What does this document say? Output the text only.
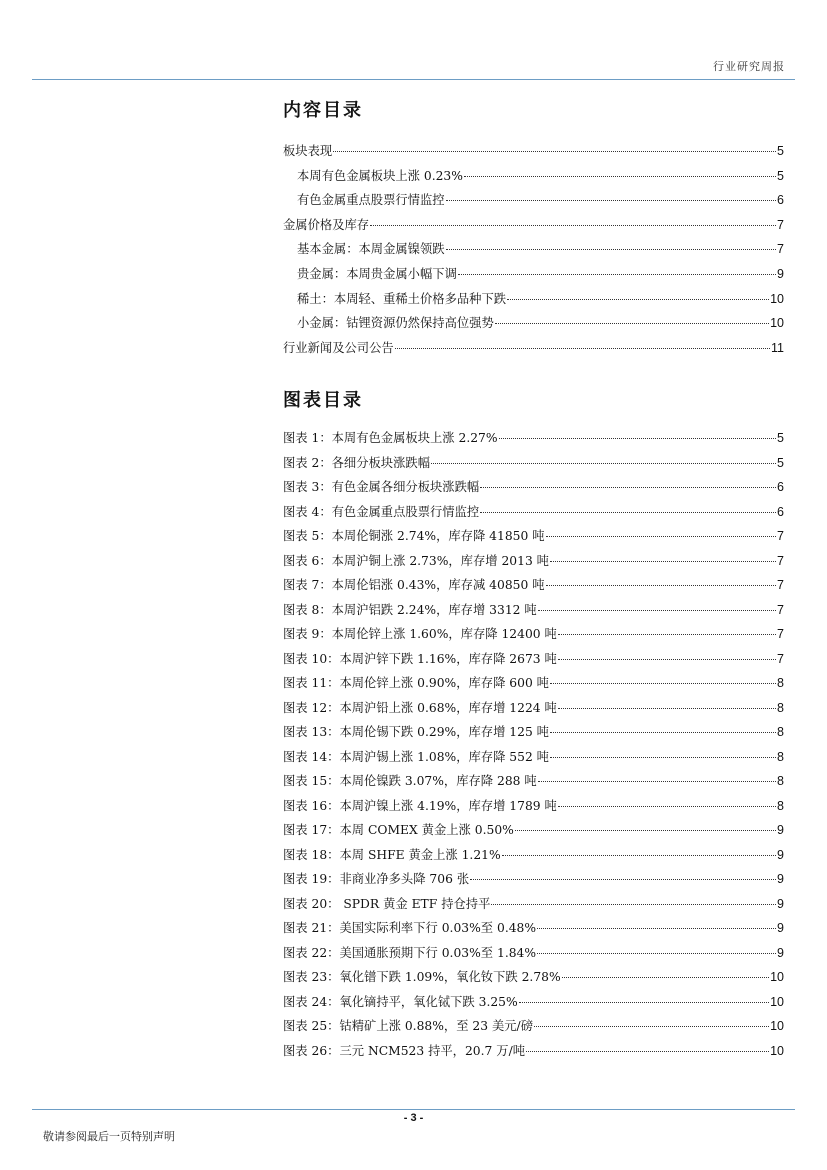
行业研究周报
内容目录
板块表现	5
本周有色金属板块上涨 0.23%	5
有色金属重点股票行情监控	6
金属价格及库存	7
基本金属：本周金属镍领跌	7
贵金属：本周贵金属小幅下调	9
稀土：本周轻、重稀土价格多品种下跌	10
小金属：钴锂资源仍然保持高位强势	10
行业新闻及公司公告	11
图表目录
图表 1：本周有色金属板块上涨 2.27%	5
图表 2：各细分板块涨跌幅	5
图表 3：有色金属各细分板块涨跌幅	6
图表 4：有色金属重点股票行情监控	6
图表 5：本周伦铜涨 2.74%，库存降 41850 吨	7
图表 6：本周沪铜上涨 2.73%，库存增 2013 吨	7
图表 7：本周伦铝涨 0.43%，库存减 40850 吨	7
图表 8：本周沪铝跌 2.24%，库存增 3312 吨	7
图表 9：本周伦锌上涨 1.60%，库存降 12400 吨	7
图表 10：本周沪锌下跌 1.16%，库存降 2673 吨	7
图表 11：本周伦锌上涨 0.90%，库存降 600 吨	8
图表 12：本周沪铅上涨 0.68%，库存增 1224 吨	8
图表 13：本周伦锡下跌 0.29%，库存增 125 吨	8
图表 14：本周沪锡上涨 1.08%，库存降 552 吨	8
图表 15：本周伦镍跌 3.07%，库存降 288 吨	8
图表 16：本周沪镍上涨 4.19%，库存增 1789 吨	8
图表 17：本周 COMEX 黄金上涨 0.50%	9
图表 18：本周 SHFE 黄金上涨 1.21%	9
图表 19：非商业净多头降 706 张	9
图表 20： SPDR 黄金 ETF 持仓持平	9
图表 21：美国实际利率下行 0.03%至 0.48%	9
图表 22：美国通胀预期下行 0.03%至 1.84%	9
图表 23：氧化镨下跌 1.09%，氧化钕下跌 2.78%	10
图表 24：氧化镝持平，氧化铽下跌 3.25%	10
图表 25：钴精矿上涨 0.88%，至 23 美元/磅	10
图表 26：三元 NCM523 持平，20.7 万/吨	10
- 3 -
敬请参阅最后一页特别声明
